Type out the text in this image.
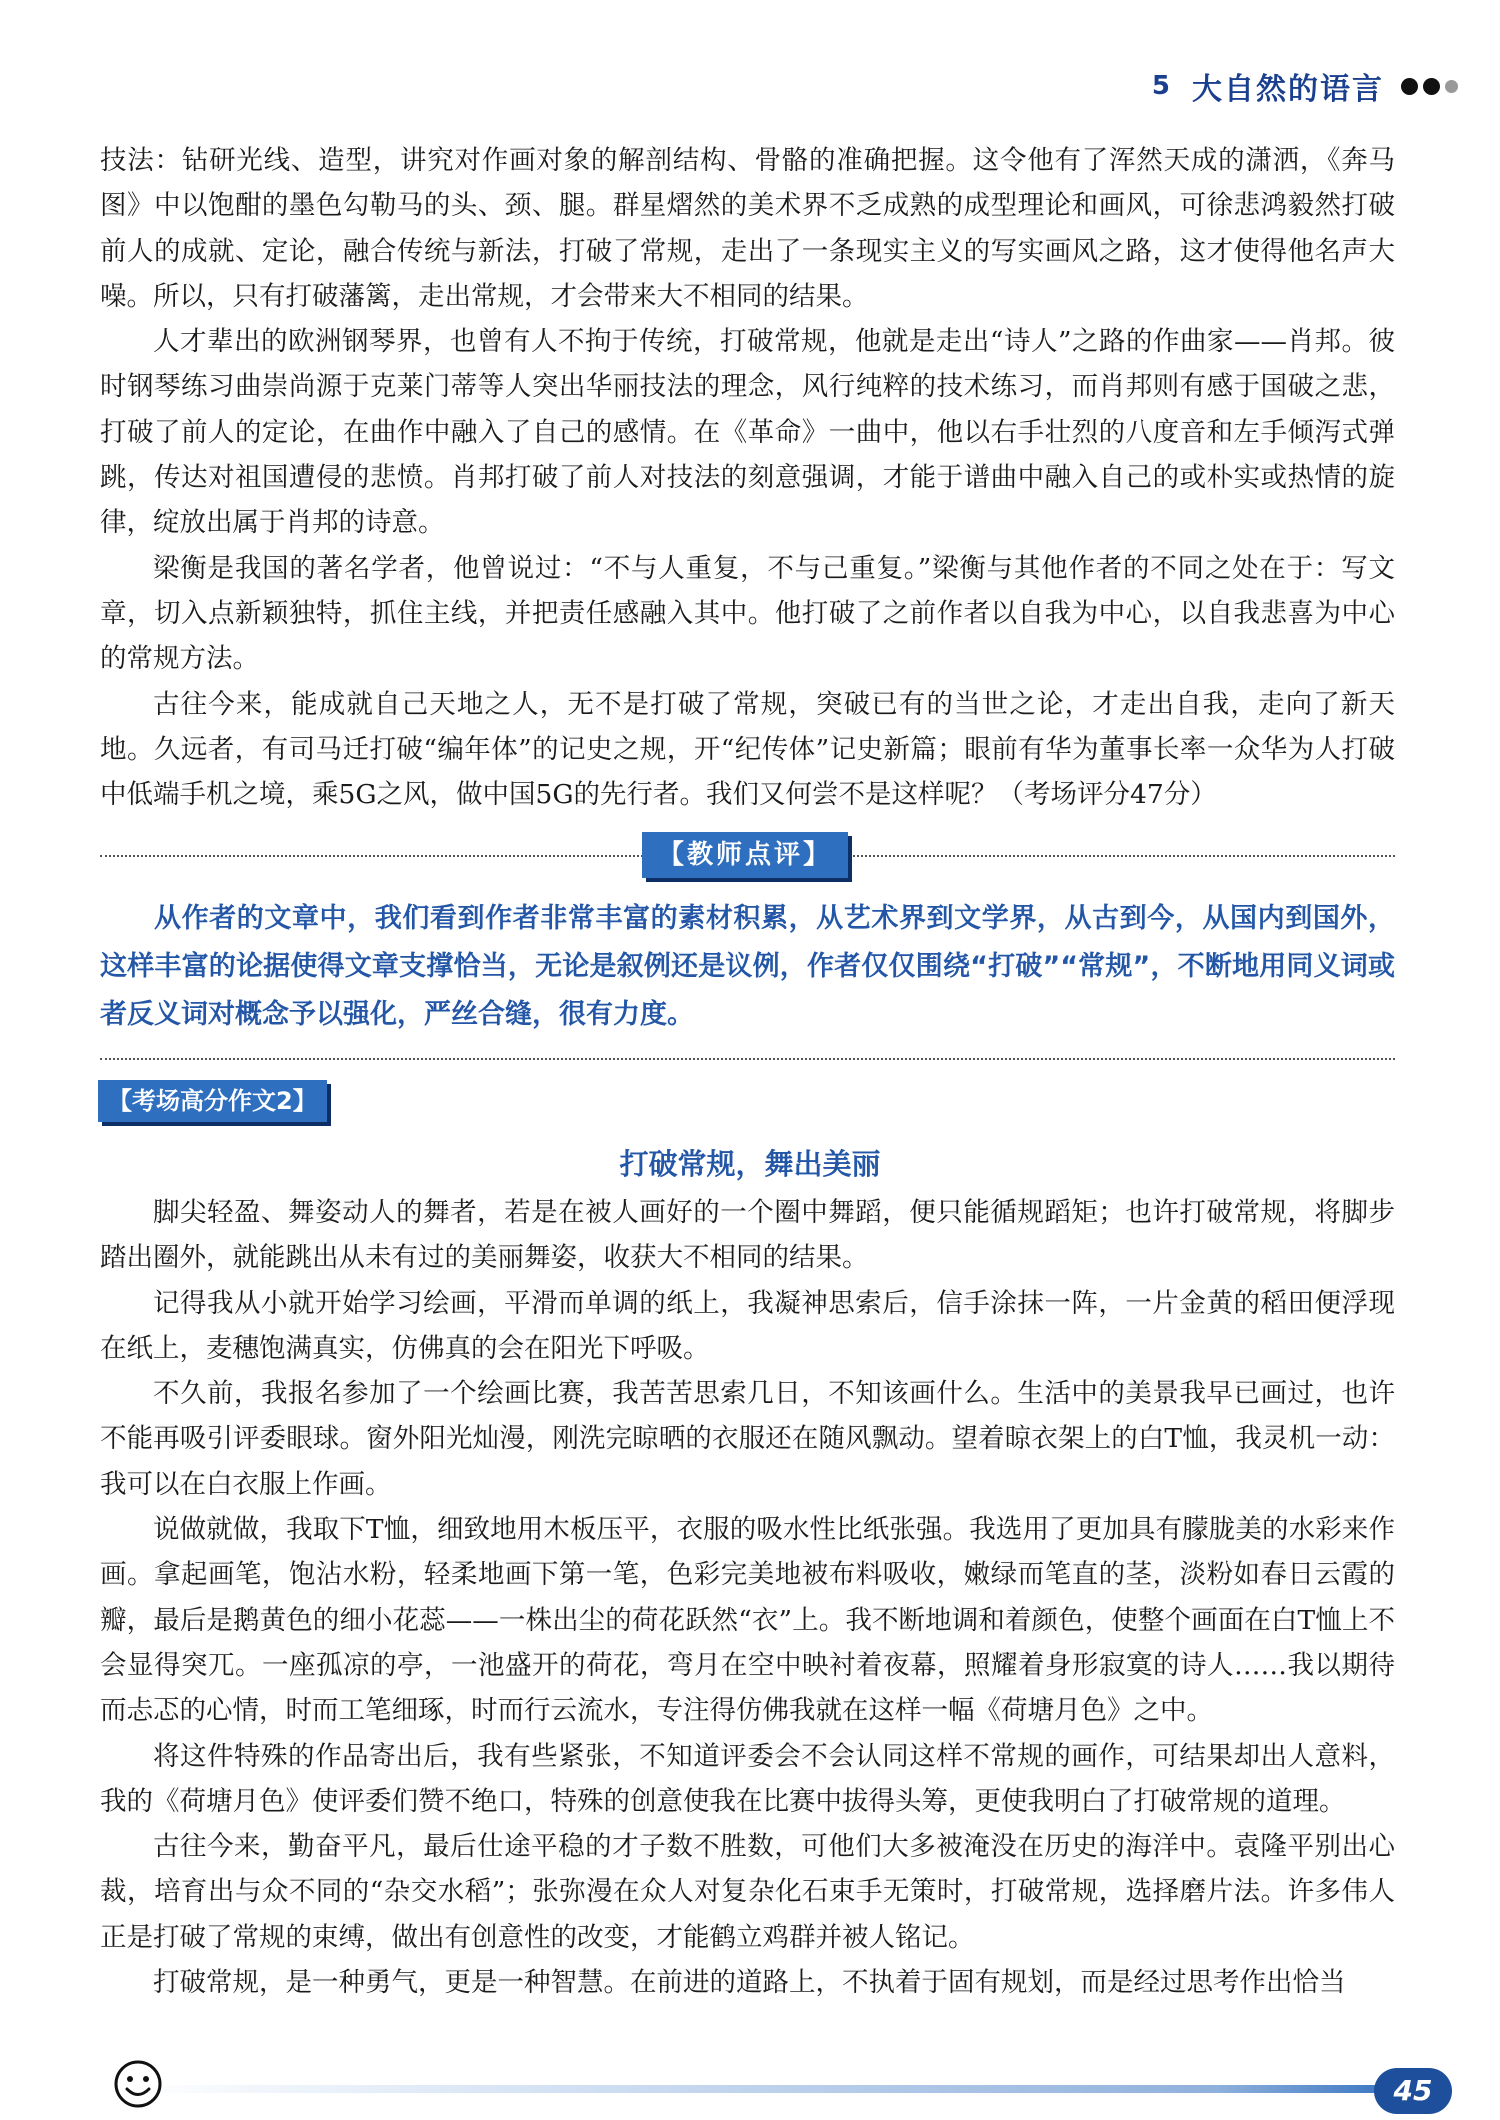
5 大自然的语言

技法：钻研光线、造型，讲究对作画对象的解剖结构、骨骼的准确把握。这令他有了浑然天成的潇洒，《奔马图》中以饱酣的墨色勾勒马的头、颈、腿。群星熠然的美术界不乏成熟的成型理论和画风，可徐悲鸿毅然打破前人的成就、定论，融合传统与新法，打破了常规，走出了一条现实主义的写实画风之路，这才使得他名声大噪。所以，只有打破藩篱，走出常规，才会带来大不相同的结果。

人才辈出的欧洲钢琴界，也曾有人不拘于传统，打破常规，他就是走出“诗人”之路的作曲家——肖邦。彼时钢琴练习曲崇尚源于克莱门蒂等人突出华丽技法的理念，风行纯粹的技术练习，而肖邦则有感于国破之悲，打破了前人的定论，在曲作中融入了自己的感情。在《革命》一曲中，他以右手壮烈的八度音和左手倾泻式弹跳，传达对祖国遭侵的悲愤。肖邦打破了前人对技法的刻意强调，才能于谱曲中融入自己的或朴实或热情的旋律，绽放出属于肖邦的诗意。

梁衡是我国的著名学者，他曾说过：“不与人重复，不与己重复。”梁衡与其他作者的不同之处在于：写文章，切入点新颖独特，抓住主线，并把责任感融入其中。他打破了之前作者以自我为中心，以自我悲喜为中心的常规方法。

古往今来，能成就自己天地之人，无不是打破了常规，突破已有的当世之论，才走出自我，走向了新天地。久远者，有司马迁打破“编年体”的记史之规，开“纪传体”记史新篇；眼前有华为董事长率一众华为人打破中低端手机之境，乘5G之风，做中国5G的先行者。我们又何尝不是这样呢？（考场评分47分）

【教师点评】

从作者的文章中，我们看到作者非常丰富的素材积累，从艺术界到文学界，从古到今，从国内到国外，这样丰富的论据使得文章支撑恰当，无论是叙例还是议例，作者仅仅围绕“打破”“常规”，不断地用同义词或者反义词对概念予以强化，严丝合缝，很有力度。

【考场高分作文2】
打破常规，舞出美丽

脚尖轻盈、舞姿动人的舞者，若是在被人画好的一个圈中舞蹈，便只能循规蹈矩；也许打破常规，将脚步踏出圈外，就能跳出从未有过的美丽舞姿，收获大不相同的结果。

记得我从小就开始学习绘画，平滑而单调的纸上，我凝神思索后，信手涂抹一阵，一片金黄的稻田便浮现在纸上，麦穗饱满真实，仿佛真的会在阳光下呼吸。

不久前，我报名参加了一个绘画比赛，我苦苦思索几日，不知该画什么。生活中的美景我早已画过，也许不能再吸引评委眼球。窗外阳光灿漫，刚洗完晾晒的衣服还在随风飘动。望着晾衣架上的白T恤，我灵机一动：我可以在白衣服上作画。

说做就做，我取下T恤，细致地用木板压平，衣服的吸水性比纸张强。我选用了更加具有朦胧美的水彩来作画。拿起画笔，饱沾水粉，轻柔地画下第一笔，色彩完美地被布料吸收，嫩绿而笔直的茎，淡粉如春日云霞的瓣，最后是鹅黄色的细小花蕊——一株出尘的荷花跃然“衣”上。我不断地调和着颜色，使整个画面在白T恤上不会显得突兀。一座孤凉的亭，一池盛开的荷花，弯月在空中映衬着夜幕，照耀着身形寂寞的诗人……我以期待而忐忑的心情，时而工笔细琢，时而行云流水，专注得仿佛我就在这样一幅《荷塘月色》之中。

将这件特殊的作品寄出后，我有些紧张，不知道评委会不会认同这样不常规的画作，可结果却出人意料，我的《荷塘月色》使评委们赞不绝口，特殊的创意使我在比赛中拔得头筹，更使我明白了打破常规的道理。

古往今来，勤奋平凡，最后仕途平稳的才子数不胜数，可他们大多被淹没在历史的海洋中。袁隆平别出心裁，培育出与众不同的“杂交水稻”；张弥漫在众人对复杂化石束手无策时，打破常规，选择磨片法。许多伟人正是打破了常规的束缚，做出有创意性的改变，才能鹤立鸡群并被人铭记。

打破常规，是一种勇气，更是一种智慧。在前进的道路上，不执着于固有规划，而是经过思考作出恰当

45
